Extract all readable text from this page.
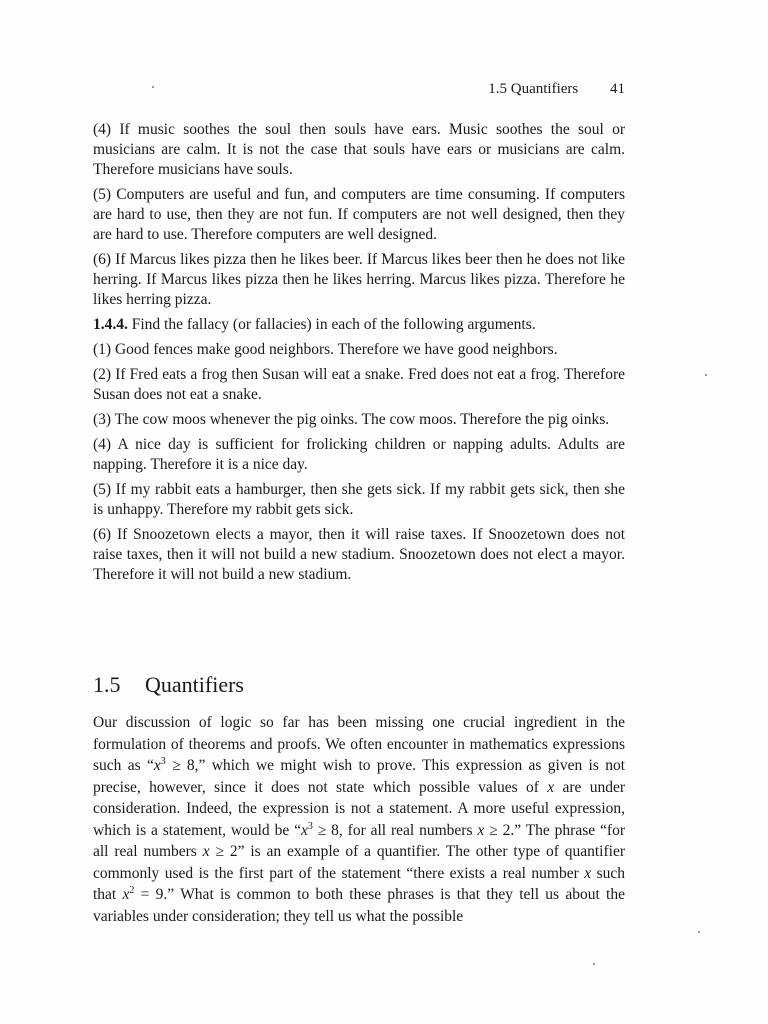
1.5 Quantifiers 41

(4) If music soothes the soul then souls have ears. Music soothes the soul or musicians are calm. It is not the case that souls have ears or musicians are calm. Therefore musicians have souls.

(5) Computers are useful and fun, and computers are time consuming. If computers are hard to use, then they are not fun. If computers are not well designed, then they are hard to use. Therefore computers are well designed.

(6) If Marcus likes pizza then he likes beer. If Marcus likes beer then he does not like herring. If Marcus likes pizza then he likes herring. Marcus likes pizza. Therefore he likes herring pizza.

1.4.4. Find the fallacy (or fallacies) in each of the following arguments.

(1) Good fences make good neighbors. Therefore we have good neighbors.

(2) If Fred eats a frog then Susan will eat a snake. Fred does not eat a frog. Therefore Susan does not eat a snake.

(3) The cow moos whenever the pig oinks. The cow moos. Therefore the pig oinks.

(4) A nice day is sufficient for frolicking children or napping adults. Adults are napping. Therefore it is a nice day.

(5) If my rabbit eats a hamburger, then she gets sick. If my rabbit gets sick, then she is unhappy. Therefore my rabbit gets sick.

(6) If Snoozetown elects a mayor, then it will raise taxes. If Snoozetown does not raise taxes, then it will not build a new stadium. Snoozetown does not elect a mayor. Therefore it will not build a new stadium.

1.5 Quantifiers

Our discussion of logic so far has been missing one crucial ingredient in the formulation of theorems and proofs. We often encounter in mathematics expressions such as “$x^3 \ge 8$,” which we might wish to prove. This expression as given is not precise, however, since it does not state which possible values of x are under consideration. Indeed, the expression is not a statement. A more useful expression, which is a statement, would be “$x^3 \ge 8$, for all real numbers x ≥ 2.” The phrase “for all real numbers x ≥ 2” is an example of a quantifier. The other type of quantifier commonly used is the first part of the statement “there exists a real number x such that $x^2 = 9$.” What is common to both these phrases is that they tell us about the variables under consideration; they tell us what the possible
